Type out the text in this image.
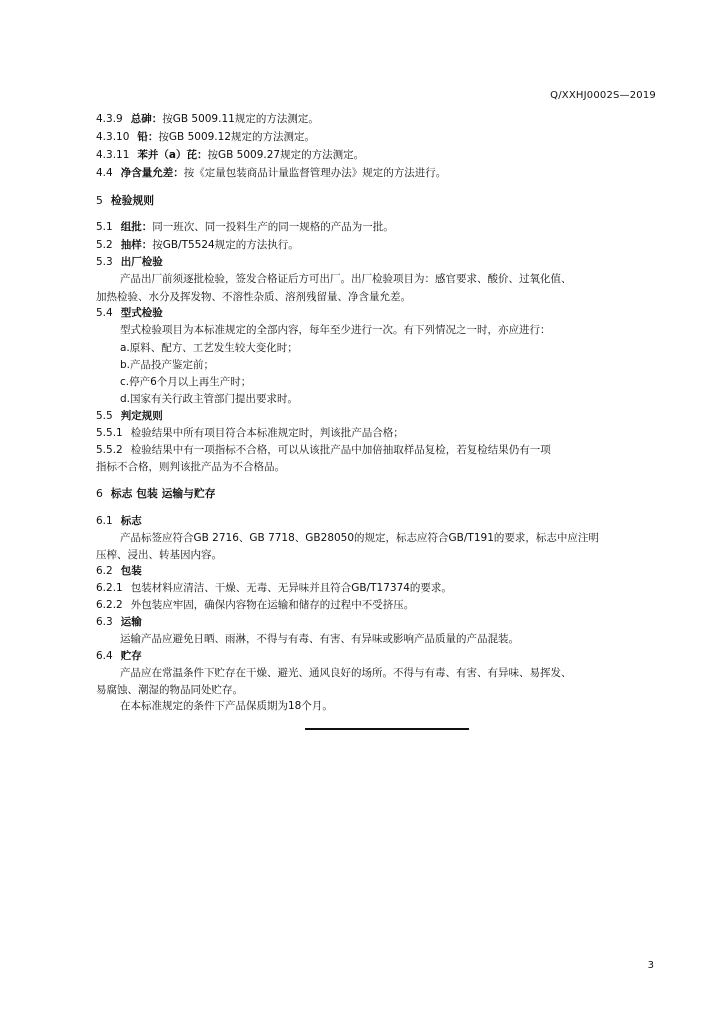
Q/XXHJ0002S—2019
4.3.9 总砷：按GB 5009.11规定的方法测定。
4.3.10 铅：按GB 5009.12规定的方法测定。
4.3.11 苯并（a）芘：按GB 5009.27规定的方法测定。
4.4 净含量允差：按《定量包装商品计量监督管理办法》规定的方法进行。
5 检验规则
5.1 组批：同一班次、同一投料生产的同一规格的产品为一批。
5.2 抽样：按GB/T5524规定的方法执行。
5.3 出厂检验
产品出厂前须逐批检验，签发合格证后方可出厂。出厂检验项目为：感官要求、酸价、过氧化值、
加热检验、水分及挥发物、不溶性杂质、溶剂残留量、净含量允差。
5.4 型式检验
型式检验项目为本标准规定的全部内容，每年至少进行一次。有下列情况之一时，亦应进行：
a.原料、配方、工艺发生较大变化时；
b.产品投产鉴定前；
c.停产6个月以上再生产时；
d.国家有关行政主管部门提出要求时。
5.5 判定规则
5.5.1 检验结果中所有项目符合本标准规定时，判该批产品合格；
5.5.2 检验结果中有一项指标不合格，可以从该批产品中加倍抽取样品复检，若复检结果仍有一项
指标不合格，则判该批产品为不合格品。
6 标志 包装 运输与贮存
6.1 标志
产品标签应符合GB 2716、GB 7718、GB28050的规定，标志应符合GB/T191的要求，标志中应注明
压榨、浸出、转基因内容。
6.2 包装
6.2.1 包装材料应清洁、干燥、无毒、无异味并且符合GB/T17374的要求。
6.2.2 外包装应牢固，确保内容物在运输和储存的过程中不受挤压。
6.3 运输
运输产品应避免日晒、雨淋，不得与有毒、有害、有异味或影响产品质量的产品混装。
6.4 贮存
产品应在常温条件下贮存在干燥、避光、通风良好的场所。不得与有毒、有害、有异味、易挥发、
易腐蚀、潮湿的物品同处贮存。
在本标准规定的条件下产品保质期为18个月。
3
